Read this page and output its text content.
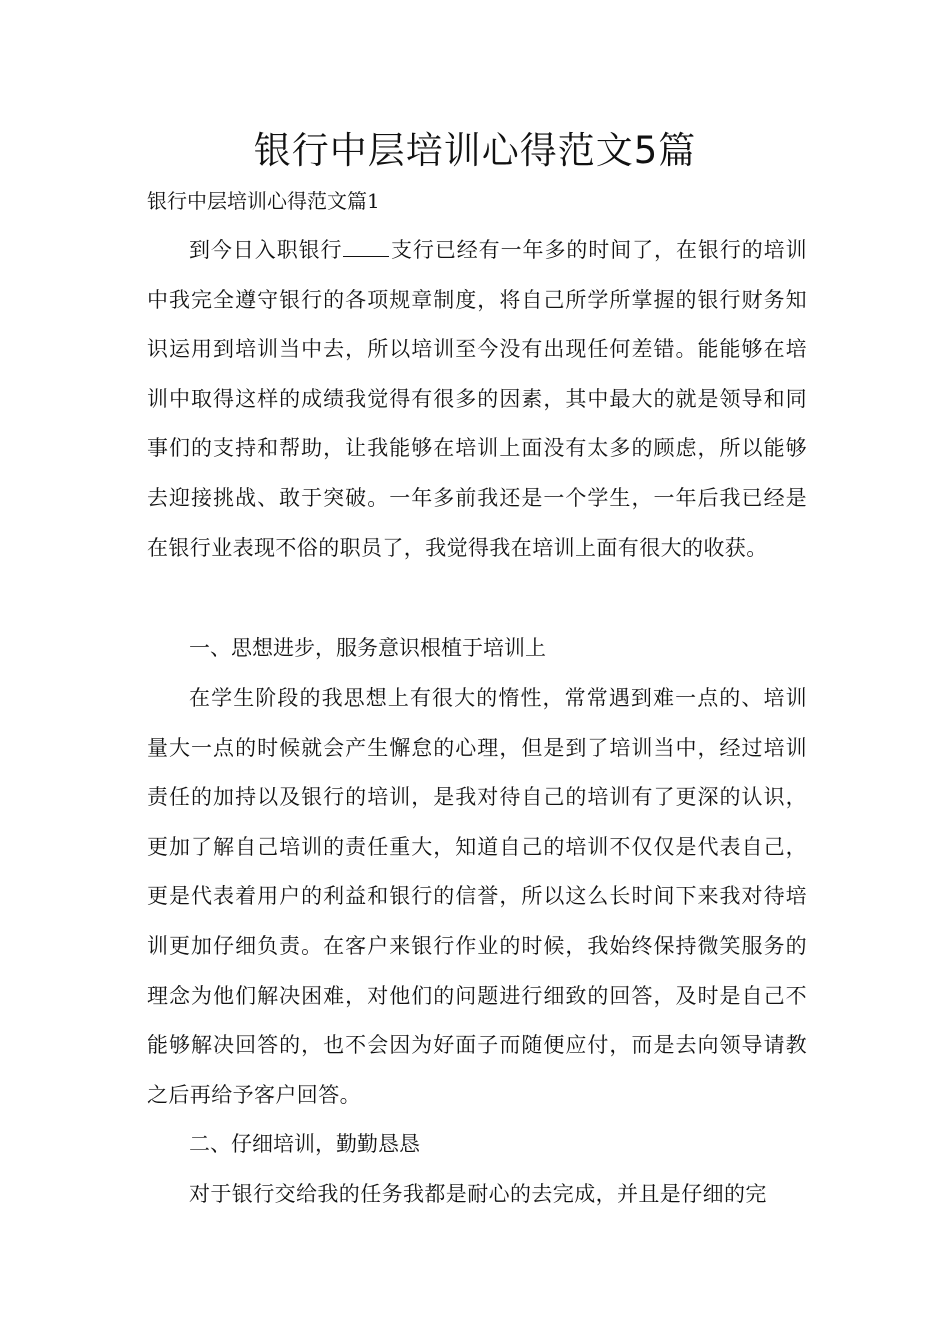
银行中层培训心得范文5篇
银行中层培训心得范文篇1

到今日入职银行 支行已经有一年多的时间了，在银行的培训中我完全遵守银行的各项规章制度，将自己所学所掌握的银行财务知识运用到培训当中去，所以培训至今没有出现任何差错。能能够在培训中取得这样的成绩我觉得有很多的因素，其中最大的就是领导和同事们的支持和帮助，让我能够在培训上面没有太多的顾虑，所以能够去迎接挑战、敢于突破。一年多前我还是一个学生，一年后我已经是在银行业表现不俗的职员了，我觉得我在培训上面有很大的收获。

一、思想进步，服务意识根植于培训上

在学生阶段的我思想上有很大的惰性，常常遇到难一点的、培训量大一点的时候就会产生懈怠的心理，但是到了培训当中，经过培训责任的加持以及银行的培训，是我对待自己的培训有了更深的认识，更加了解自己培训的责任重大，知道自己的培训不仅仅是代表自己，更是代表着用户的利益和银行的信誉，所以这么长时间下来我对待培训更加仔细负责。在客户来银行作业的时候，我始终保持微笑服务的理念为他们解决困难，对他们的问题进行细致的回答，及时是自己不能够解决回答的，也不会因为好面子而随便应付，而是去向领导请教之后再给予客户回答。

二、仔细培训，勤勤恳恳

对于银行交给我的任务我都是耐心的去完成，并且是仔细的完
